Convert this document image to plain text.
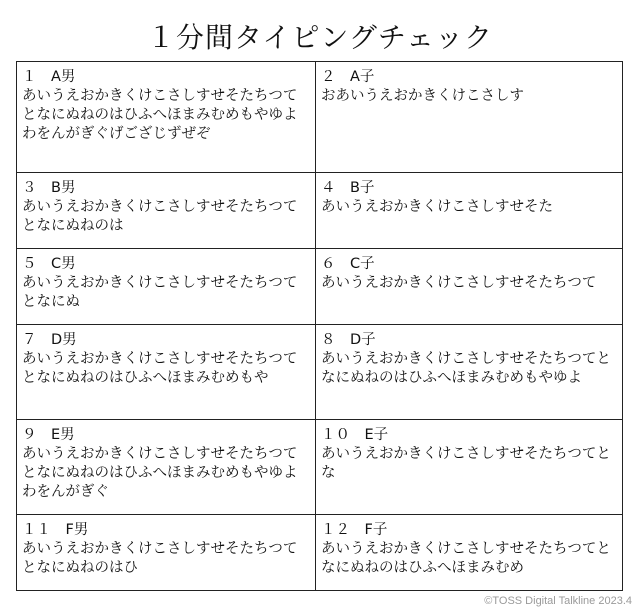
１分間タイピングチェック
１　A男
あいうえおかきくけこさしすせそたちつてとなにぬねのはひふへほまみむめもやゆよわをんがぎぐげござじずぜぞ	２　A子
おあいうえおかきくけこさしす

３　B男
あいうえおかきくけこさしすせそたちつてとなにぬねのは	４　B子
あいうえおかきくけこさしすせそた

５　C男
あいうえおかきくけこさしすせそたちつてとなにぬ	６　C子
あいうえおかきくけこさしすせそたちつて

７　D男
あいうえおかきくけこさしすせそたちつてとなにぬねのはひふへほまみむめもや	８　D子
あいうえおかきくけこさしすせそたちつてとなにぬねのはひふへほまみむめもやゆよ

９　E男
あいうえおかきくけこさしすせそたちつてとなにぬねのはひふへほまみむめもやゆよわをんがぎぐ	１０　E子
あいうえおかきくけこさしすせそたちつてとな

１１　F男
あいうえおかきくけこさしすせそたちつてとなにぬねのはひ	１２　F子
あいうえおかきくけこさしすせそたちつてとなにぬねのはひふへほまみむめ
©TOSS Digital Talkline 2023.4
